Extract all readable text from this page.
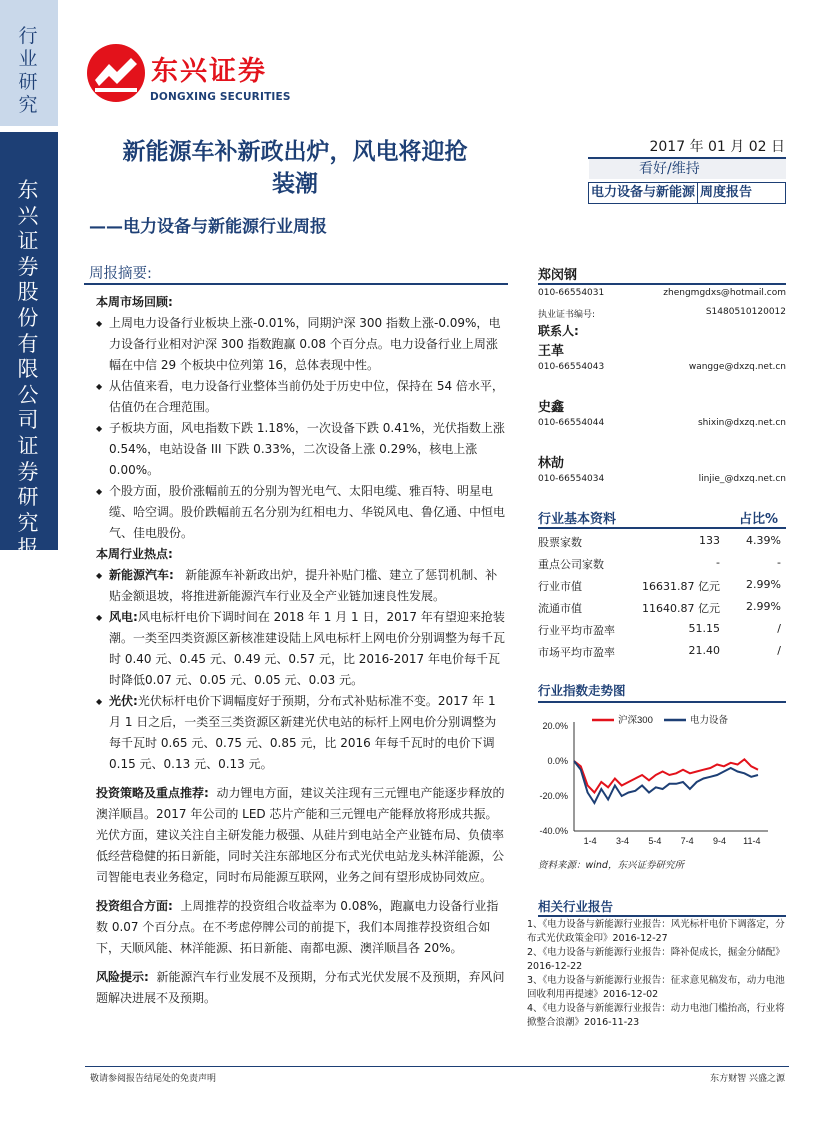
行业研究
东兴证券股份有限公司证券研究报告
东兴证券
DONGXING SECURITIES
新能源车补新政出炉，风电将迎抢
装潮
——电力设备与新能源行业周报
2017 年 01 月 02 日
看好/维持
电力设备与新能源 周度报告
周报摘要:

本周市场回顾:

◆ 上周电力设备行业板块上涨-0.01%，同期沪深 300 指数上涨-0.09%，电力设备行业相对沪深 300 指数跑赢 0.08 个百分点。电力设备行业上周涨幅在中信 29 个板块中位列第 16，总体表现中性。

◆ 从估值来看，电力设备行业整体当前仍处于历史中位，保持在 54 倍水平，估值仍在合理范围。

◆ 子板块方面，风电指数下跌 1.18%，一次设备下跌 0.41%，光伏指数上涨 0.54%，电站设备 III 下跌 0.33%，二次设备上涨 0.29%，核电上涨 0.00%。

◆ 个股方面，股价涨幅前五的分别为智光电气、太阳电缆、雅百特、明星电缆、哈空调。股价跌幅前五名分别为红相电力、华锐风电、鲁亿通、中恒电气、佳电股份。

本周行业热点:

◆ 新能源汽车: 新能源车补新政出炉，提升补贴门槛、建立了惩罚机制、补贴金额退坡，将推进新能源汽车行业及全产业链加速良性发展。

◆ 风电:风电标杆电价下调时间在 2018 年 1 月 1 日，2017 年有望迎来抢装潮。一类至四类资源区新核准建设陆上风电标杆上网电价分别调整为每千瓦时 0.40 元、0.45 元、0.49 元、0.57 元，比 2016-2017 年电价每千瓦时降低0.07 元、0.05 元、0.05 元、0.03 元。

◆ 光伏:光伏标杆电价下调幅度好于预期，分布式补贴标准不变。2017 年 1 月 1 日之后，一类至三类资源区新建光伏电站的标杆上网电价分别调整为每千瓦时 0.65 元、0.75 元、0.85 元，比 2016 年每千瓦时的电价下调 0.15 元、0.13 元、0.13 元。

投资策略及重点推荐: 动力锂电方面，建议关注现有三元锂电产能逐步释放的澳洋顺昌。2017 年公司的 LED 芯片产能和三元锂电产能释放将形成共振。光伏方面，建议关注自主研发能力极强、从硅片到电站全产业链布局、负债率低经营稳健的拓日新能，同时关注东部地区分布式光伏电站龙头林洋能源，公司智能电表业务稳定，同时布局能源互联网，业务之间有望形成协同效应。

投资组合方面: 上周推荐的投资组合收益率为 0.08%，跑赢电力设备行业指数 0.07 个百分点。在不考虑停牌公司的前提下，我们本周推荐投资组合如下，天顺风能、林洋能源、拓日新能、南都电源、澳洋顺昌各 20%。

风险提示: 新能源汽车行业发展不及预期，分布式光伏发展不及预期，弃风问题解决进展不及预期。

郑闵钢
010-66554031	zhengmgdxs@hotmail.com
执业证书编号:	S1480510120012
联系人:
王革
010-66554043	wangge@dxzq.net.cn
史鑫
010-66554044	shixin@dxzq.net.cn
林劼
010-66554034	linjie_@dxzq.net.cn
行业基本资料	占比%
股票家数	133 4.39%
重点公司家数	-	-
行业市值	16631.87 亿元 2.99%
流通市值	11640.87 亿元 2.99%
行业平均市盈率	51.15	/
市场平均市盈率	21.40	/
行业指数走势图
20.0%
0.0%
-20.0%
-40.0%
1-4 3-4 5-4 7-4 9-4 11-4
沪深300	电力设备
资料来源：wind，东兴证券研究所
相关行业报告

1、《电力设备与新能源行业报告：风光标杆电价下调落定，分布式光伏政策金印》2016-12-27

2、《电力设备与新能源行业报告：降补促成长，掘金分储配》2016-12-22

3、《电力设备与新能源行业报告：征求意见稿发布，动力电池回收利用再提速》2016-12-02

4、《电力设备与新能源行业报告：动力电池门槛抬高，行业将掀整合浪潮》2016-11-23

敬请参阅报告结尾处的免责声明	东方财智 兴盛之源
